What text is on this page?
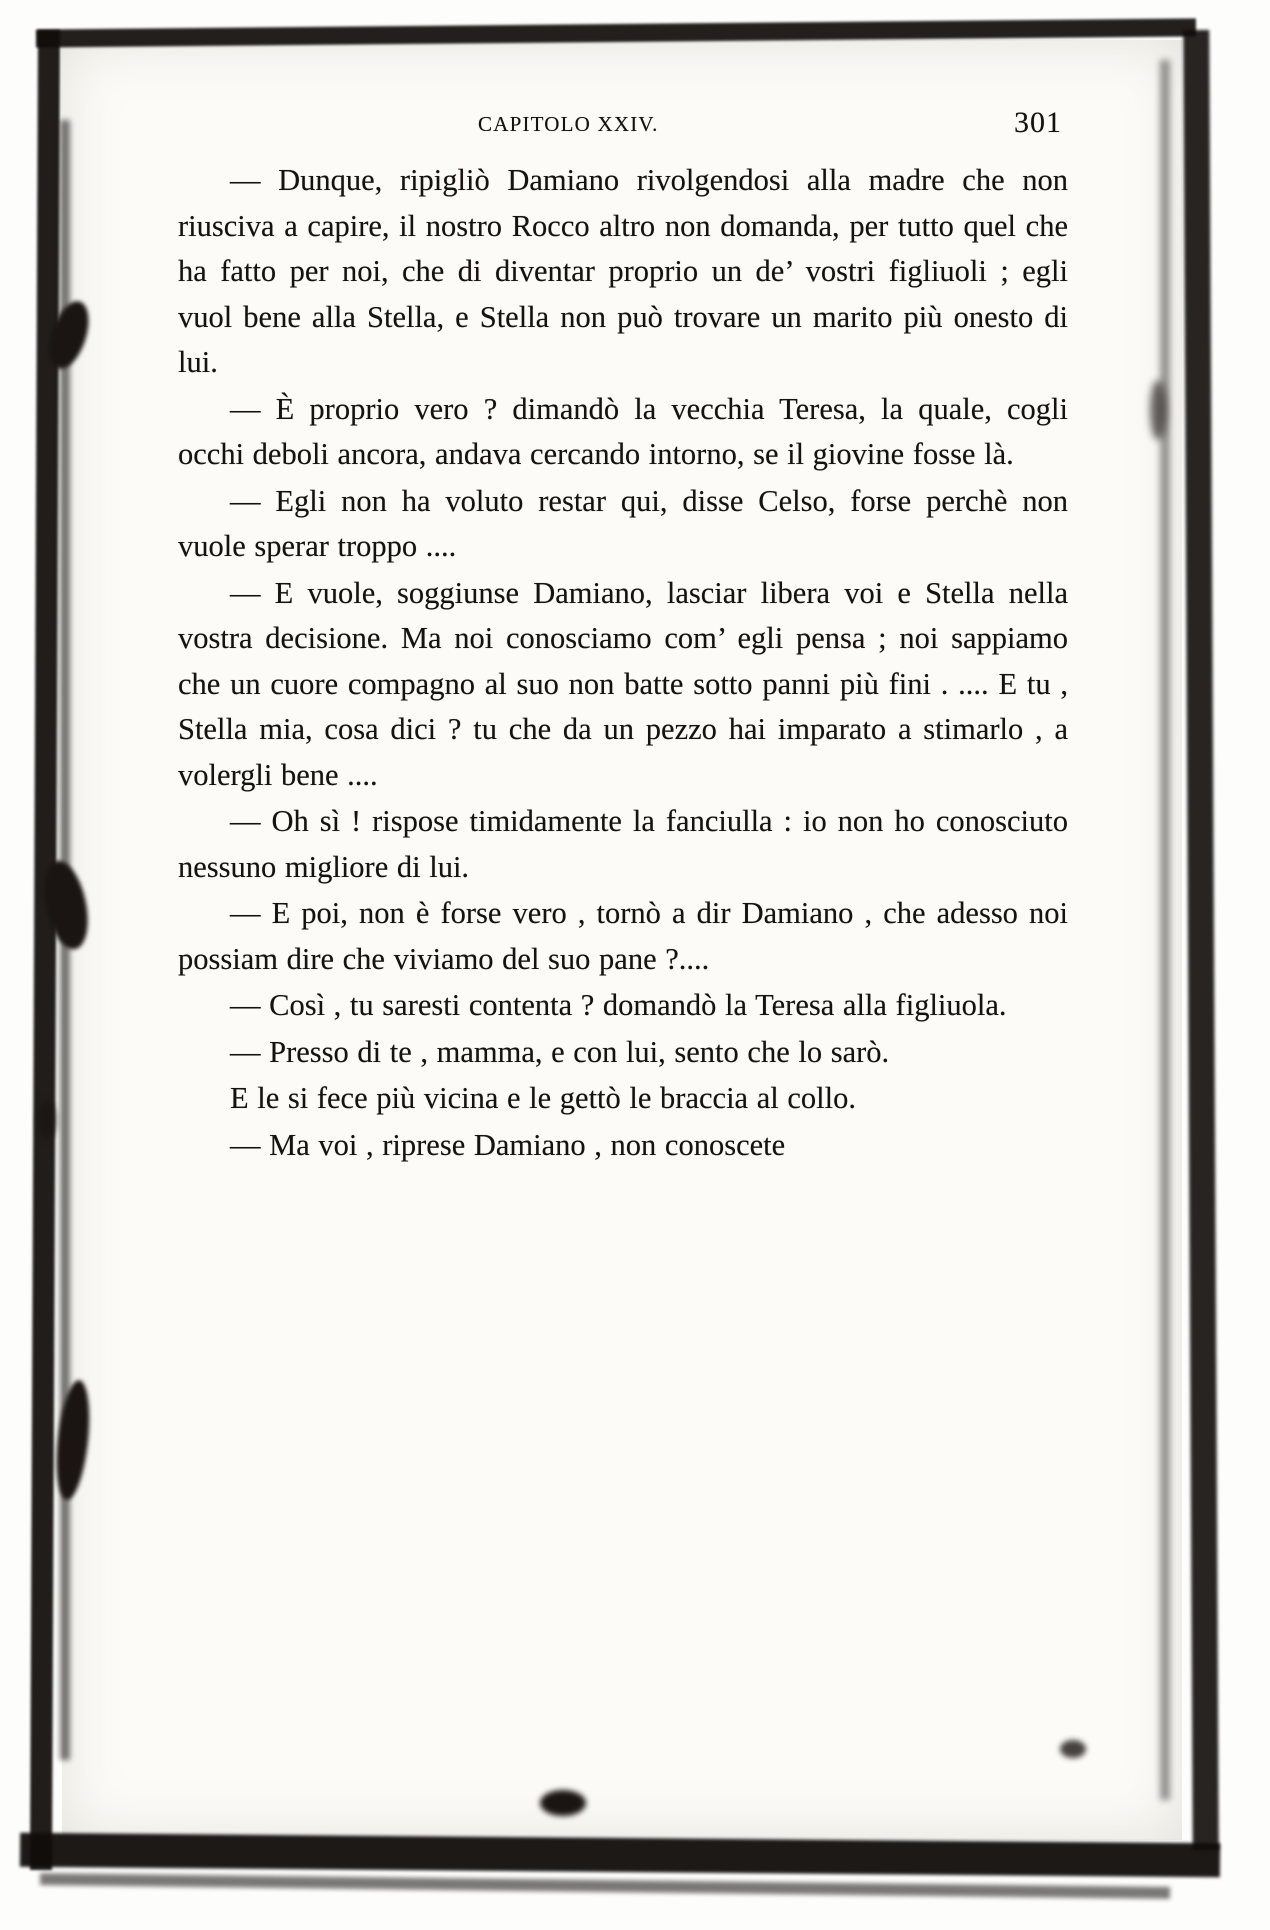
CAPITOLO XXIV.	301

— Dunque, ripigliò Damiano rivolgendosi alla madre che non riusciva a capire, il nostro Rocco altro non domanda, per tutto quel che ha fatto per noi, che di diventar proprio un de’ vostri figliuoli ; egli vuol bene alla Stella, e Stella non può trovare un marito più onesto di lui.

— È proprio vero ? dimandò la vecchia Teresa, la quale, cogli occhi deboli ancora, andava cercando intorno, se il giovine fosse là.

— Egli non ha voluto restar qui, disse Celso, forse perchè non vuole sperar troppo ....

— E vuole, soggiunse Damiano, lasciar libera voi e Stella nella vostra decisione. Ma noi conosciamo com’ egli pensa ; noi sappiamo che un cuore compagno al suo non batte sotto panni più fini . .... E tu , Stella mia, cosa dici ? tu che da un pezzo hai imparato a stimarlo , a volergli bene ....

— Oh sì ! rispose timidamente la fanciulla : io non ho conosciuto nessuno migliore di lui.

— E poi, non è forse vero , tornò a dir Damiano , che adesso noi possiam dire che viviamo del suo pane ?....

— Così , tu saresti contenta ? domandò la Teresa alla figliuola.

— Presso di te , mamma, e con lui, sento che lo sarò.

E le si fece più vicina e le gettò le braccia al collo.

— Ma voi , riprese Damiano , non conoscete
